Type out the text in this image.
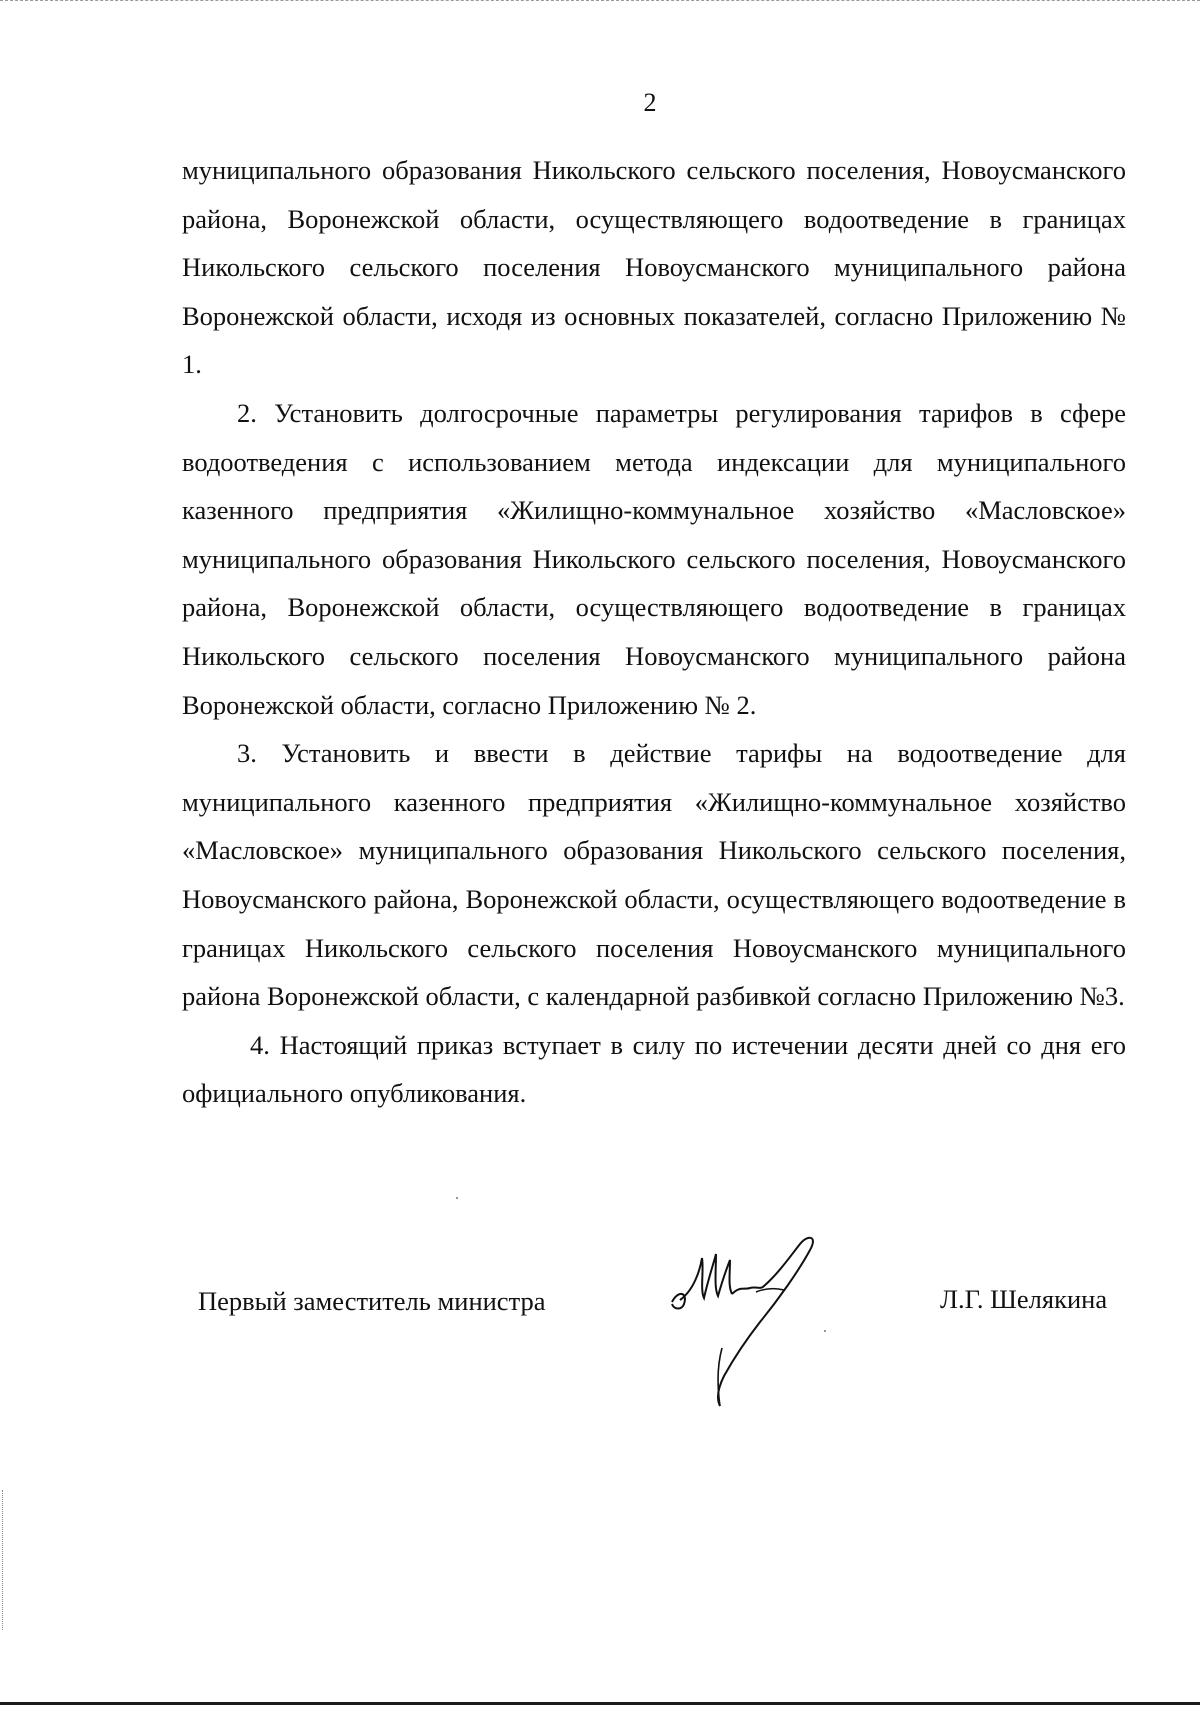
2

муниципального образования Никольского сельского поселения, Новоусманского района, Воронежской области, осуществляющего водоотведение в границах Никольского сельского поселения Новоусманского муниципального района Воронежской области, исходя из основных показателей, согласно Приложению № 1.

2. Установить долгосрочные параметры регулирования тарифов в сфере водоотведения с использованием метода индексации для муниципального казенного предприятия «Жилищно-коммунальное хозяйство «Масловское» муниципального образования Никольского сельского поселения, Новоусманского района, Воронежской области, осуществляющего водоотведение в границах Никольского сельского поселения Новоусманского муниципального района Воронежской области, согласно Приложению № 2.

3. Установить и ввести в действие тарифы на водоотведение для муниципального казенного предприятия «Жилищно-коммунальное хозяйство «Масловское» муниципального образования Никольского сельского поселения, Новоусманского района, Воронежской области, осуществляющего водоотведение в границах Никольского сельского поселения Новоусманского муниципального района Воронежской области, с календарной разбивкой согласно Приложению №3.

4. Настоящий приказ вступает в силу по истечении десяти дней со дня его официального опубликования.

Первый заместитель министра	Л.Г. Шелякина
